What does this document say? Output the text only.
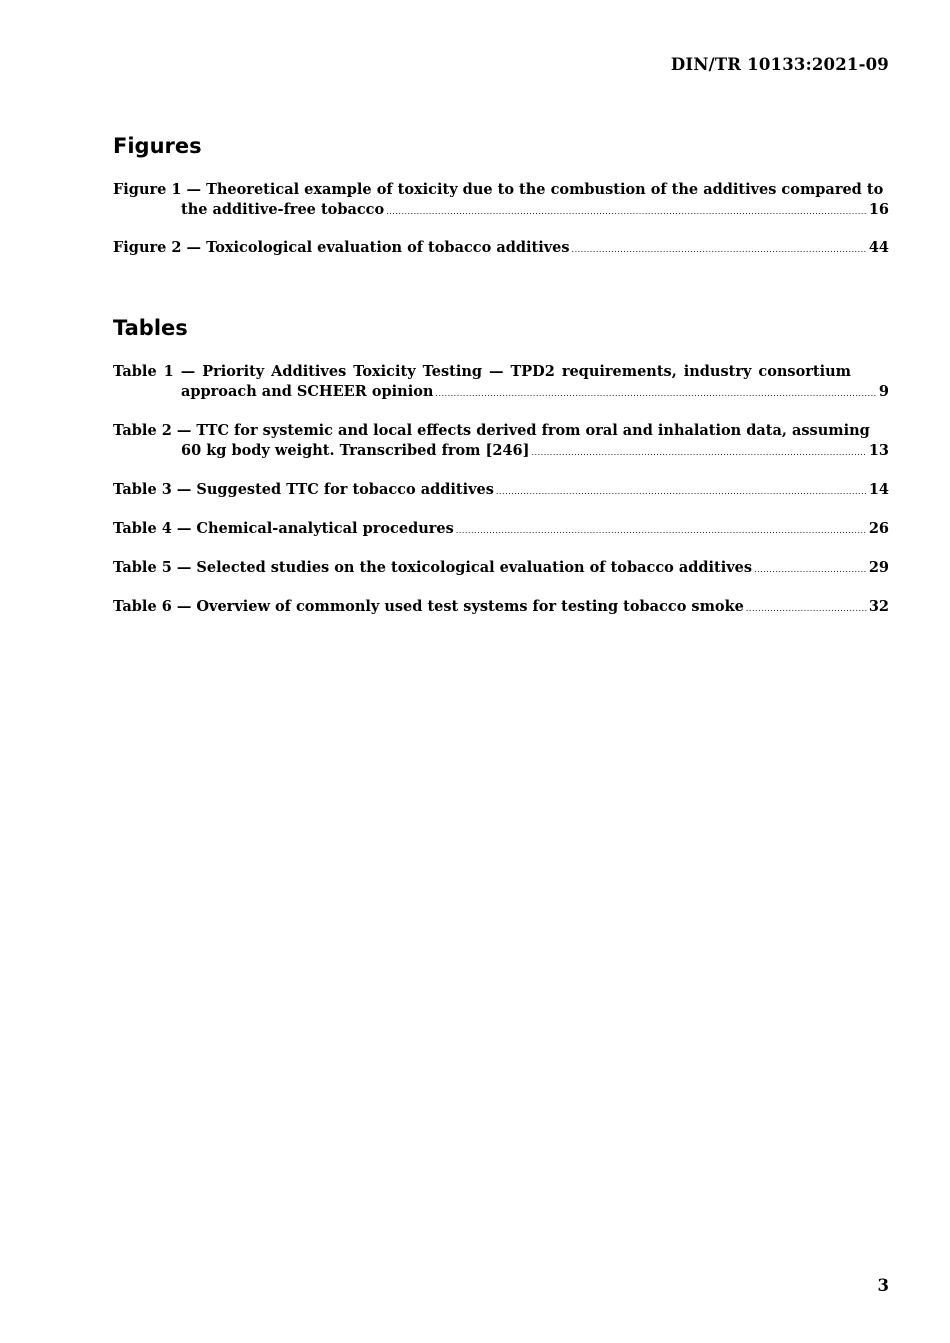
DIN/TR 10133:2021-09
Figures
Figure 1 — Theoretical example of toxicity due to the combustion of the additives compared to
the additive-free tobacco .....	16
Figure 2 — Toxicological evaluation of tobacco additives .....	44
Tables
Table 1 — Priority Additives Toxicity Testing — TPD2 requirements, industry consortium
approach and SCHEER opinion .....	9
Table 2 — TTC for systemic and local effects derived from oral and inhalation data, assuming
60 kg body weight. Transcribed from [246] .....	13
Table 3 — Suggested TTC for tobacco additives .....	14
Table 4 — Chemical-analytical procedures .....	26
Table 5 — Selected studies on the toxicological evaluation of tobacco additives .....	29
Table 6 — Overview of commonly used test systems for testing tobacco smoke .....	32
3
